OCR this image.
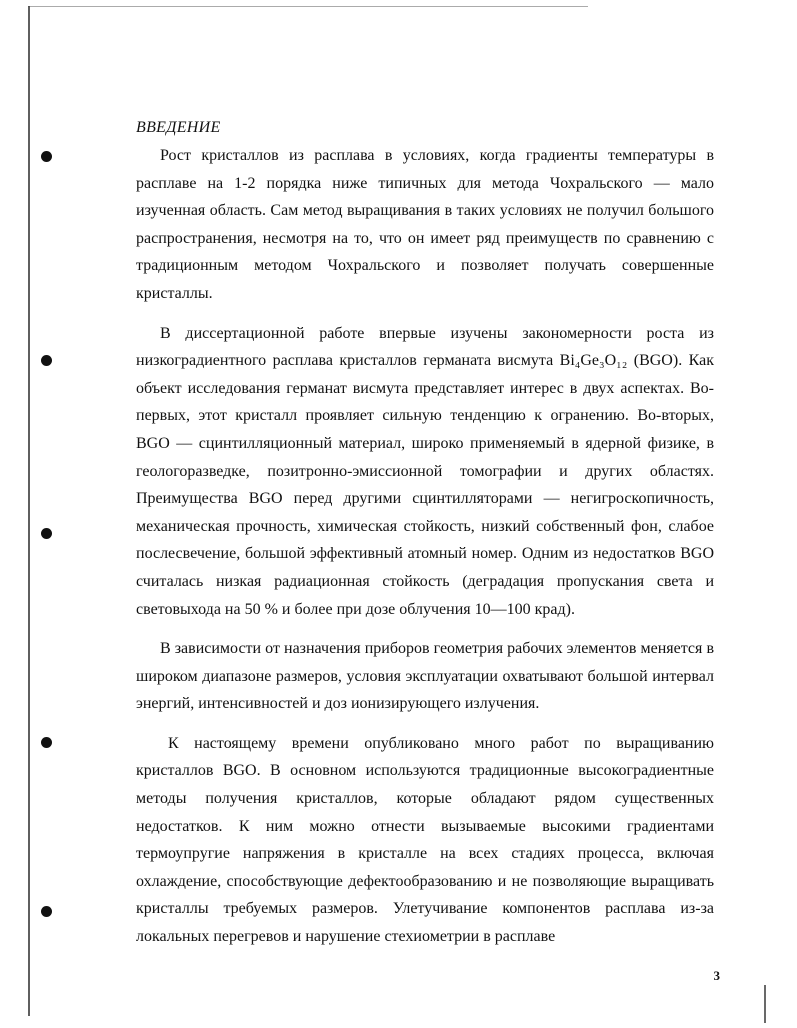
ВВЕДЕНИЕ

Рост кристаллов из расплава в условиях, когда градиенты температуры в расплаве на 1-2 порядка ниже типичных для метода Чохральского — мало изученная область. Сам метод выращивания в таких условиях не получил большого распространения, несмотря на то, что он имеет ряд преимуществ по сравнению с традиционным методом Чохральского и позволяет получать совершенные кристаллы.

В диссертационной работе впервые изучены закономерности роста из низкоградиентного расплава кристаллов германата висмута Bi₄Ge₃O₁₂ (BGO). Как объект исследования германат висмута представляет интерес в двух аспектах. Во-первых, этот кристалл проявляет сильную тенденцию к огранению. Во-вторых, BGO — сцинтилляционный материал, широко применяемый в ядерной физике, в геологоразведке, позитронно-эмиссионной томографии и других областях. Преимущества BGO перед другими сцинтилляторами — негигроскопичность, механическая прочность, химическая стойкость, низкий собственный фон, слабое послесвечение, большой эффективный атомный номер. Одним из недостатков BGO считалась низкая радиационная стойкость (деградация пропускания света и световыхода на 50 % и более при дозе облучения 10—100 крад).

В зависимости от назначения приборов геометрия рабочих элементов меняется в широком диапазоне размеров, условия эксплуатации охватывают большой интервал энергий, интенсивностей и доз ионизирующего излучения.

К настоящему времени опубликовано много работ по выращиванию кристаллов BGO. В основном используются традиционные высокоградиентные методы получения кристаллов, которые обладают рядом существенных недостатков. К ним можно отнести вызываемые высокими градиентами термоупругие напряжения в кристалле на всех стадиях процесса, включая охлаждение, способствующие дефектообразованию и не позволяющие выращивать кристаллы требуемых размеров. Улетучивание компонентов расплава из-за локальных перегревов и нарушение стехиометрии в расплаве

3
